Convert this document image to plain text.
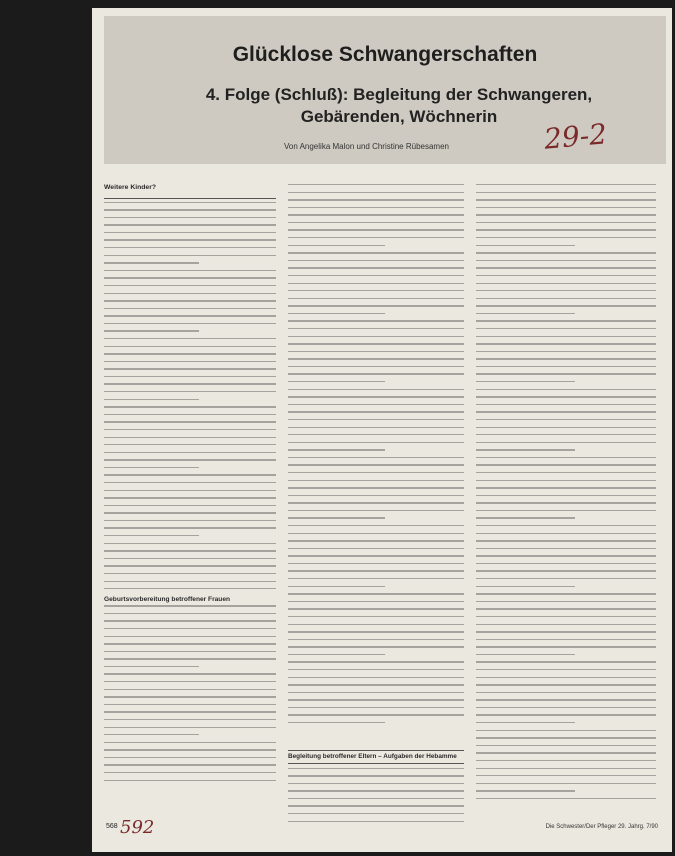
Glücklose Schwangerschaften
4. Folge (Schluß): Begleitung der Schwangeren, Gebärenden, Wöchnerin
Von Angelika Malon und Christine Rübesamen	29-2
Weitere Kinder?
Geburtsvorbereitung betroffener Frauen
Begleitung betroffener Eltern – Aufgaben der Hebamme
568 592	Die Schwester/Der Pfleger 29. Jahrg. 7/90
